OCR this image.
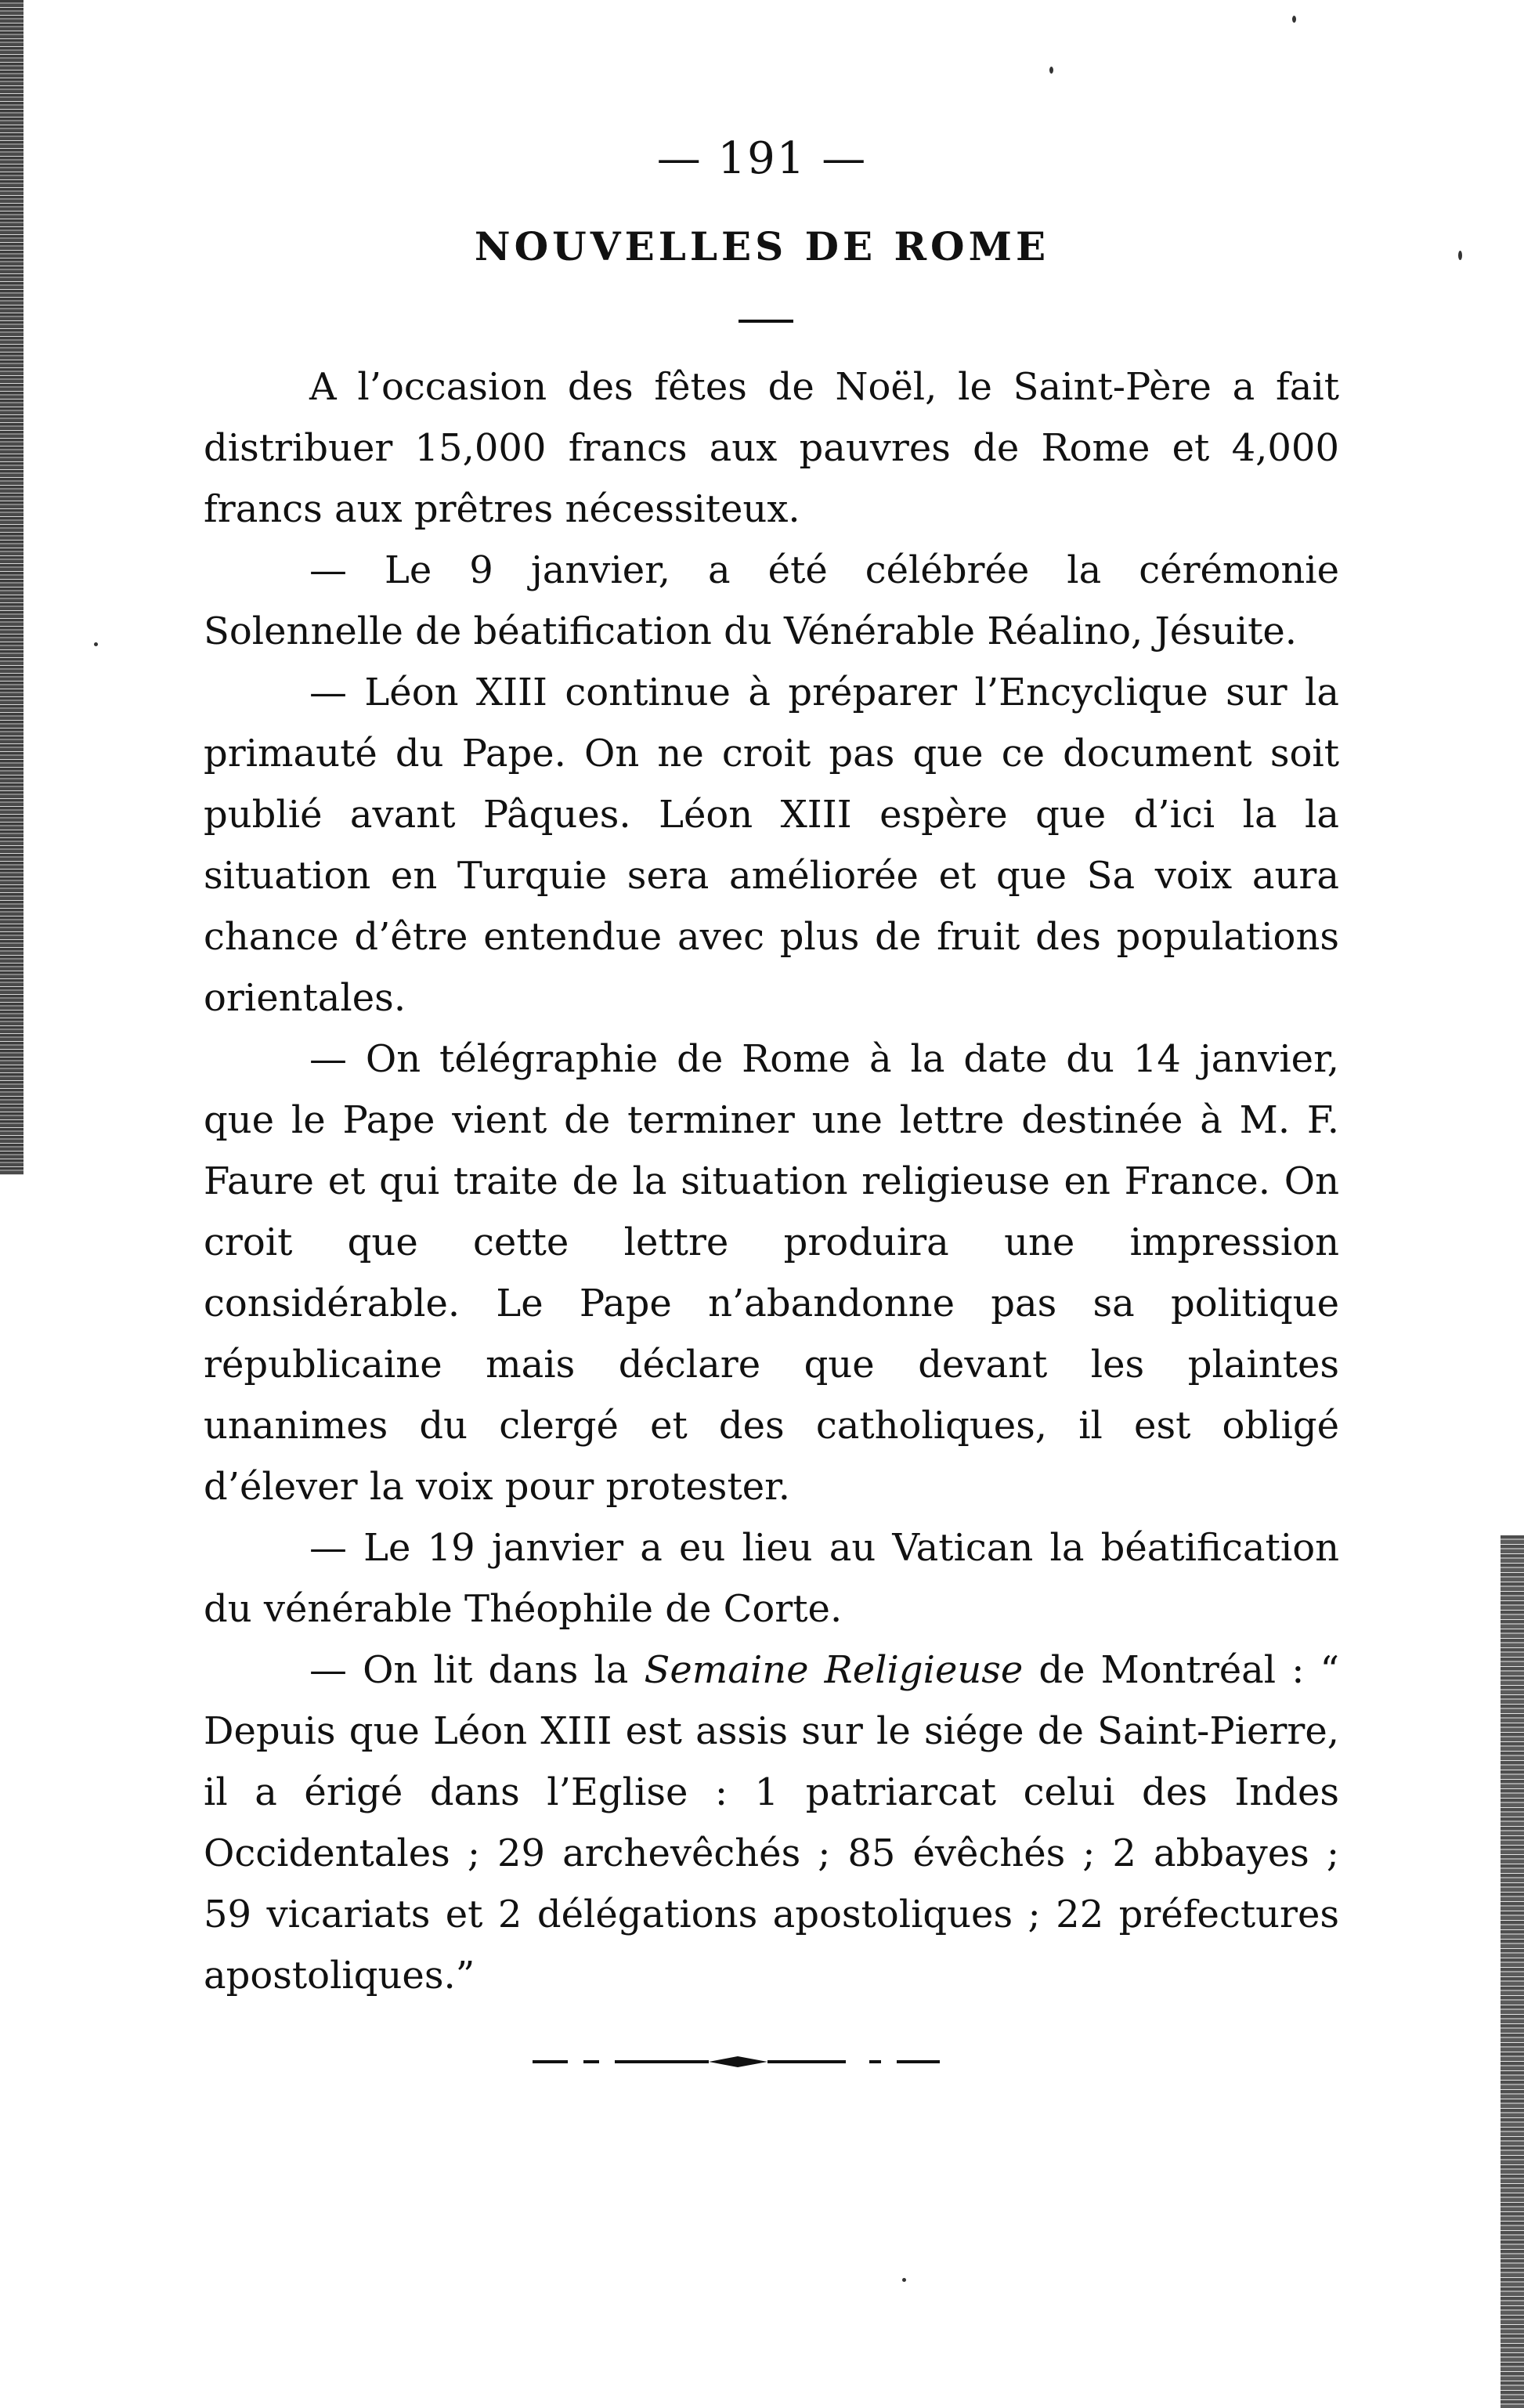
— 191 —
NOUVELLES DE ROME

A l’occasion des fêtes de Noël, le Saint-Père a fait distribuer 15,000 francs aux pauvres de Rome et 4,000 francs aux prêtres nécessiteux.

— Le 9 janvier, a été célébrée la cérémonie Solennelle de béatification du Vénérable Réalino, Jésuite.

— Léon XIII continue à préparer l’Encyclique sur la primauté du Pape. On ne croit pas que ce document soit publié avant Pâques. Léon XIII espère que d’ici la la situation en Turquie sera améliorée et que Sa voix aura chance d’être entendue avec plus de fruit des populations orientales.

— On télégraphie de Rome à la date du 14 janvier, que le Pape vient de terminer une lettre destinée à M. F. Faure et qui traite de la situation religieuse en France. On croit que cette lettre produira une impression considérable. Le Pape n’abandonne pas sa politique républicaine mais déclare que devant les plaintes unanimes du clergé et des catholiques, il est obligé d’élever la voix pour protester.

— Le 19 janvier a eu lieu au Vatican la béatification du vénérable Théophile de Corte.

— On lit dans la Semaine Religieuse de Montréal : “ Depuis que Léon XIII est assis sur le siége de Saint-Pierre, il a érigé dans l’Eglise : 1 patriarcat celui des Indes Occidentales ; 29 archevêchés ; 85 évêchés ; 2 abbayes ; 59 vicariats et 2 délégations apostoliques ; 22 préfectures apostoliques.”
